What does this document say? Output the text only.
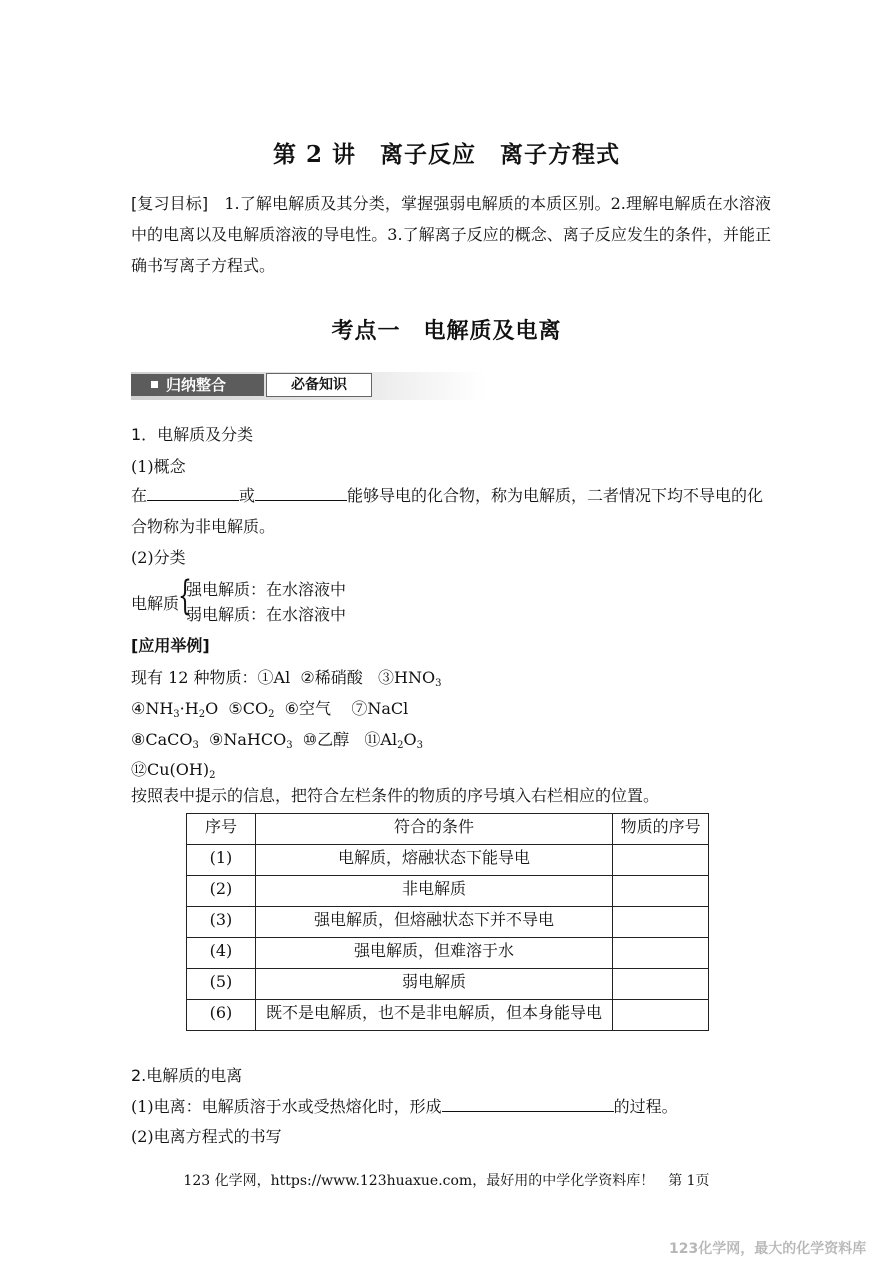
第 2 讲　离子反应　离子方程式
[复习目标]　1.了解电解质及其分类，掌握强弱电解质的本质区别。2.理解电解质在水溶液中的电离以及电解质溶液的导电性。3.了解离子反应的概念、离子反应发生的条件，并能正确书写离子方程式。
考点一　电解质及电离
归纳整合	必备知识
1．电解质及分类
(1)概念
在	或	能够导电的化合物，称为电解质，二者情况下均不导电的化
合物称为非电解质。
(2)分类
电解质
{
强电解质：在水溶液中
弱电解质：在水溶液中
[应用举例]
现有 12 种物质：①Al ②稀硝酸 $③HNO_3$
$④NH_3\cdot H_2O$ $⑤CO_2$ ⑥空气 ⑦NaCl
⑧CaCO$_3$ ⑨NaHCO$_3$ ⑩乙醇 $⑪Al_2O_3$
$⑫Cu(OH)_2$
按照表中提示的信息，把符合左栏条件的物质的序号填入右栏相应的位置。
序号	符合的条件	物质的序号
(1)	电解质，熔融状态下能导电	
(2)	非电解质	
(3)	强电解质，但熔融状态下并不导电	
(4)	强电解质，但难溶于水	
(5)	弱电解质	
(6)	既不是电解质，也不是非电解质，但本身能导电	
2.电解质的电离
(1)电离：电解质溶于水或受热熔化时，形成	的过程。
(2)电离方程式的书写
123 化学网，https://www.123huaxue.com，最好用的中学化学资料库！　第 1页
123化学网，最大的化学资料库
